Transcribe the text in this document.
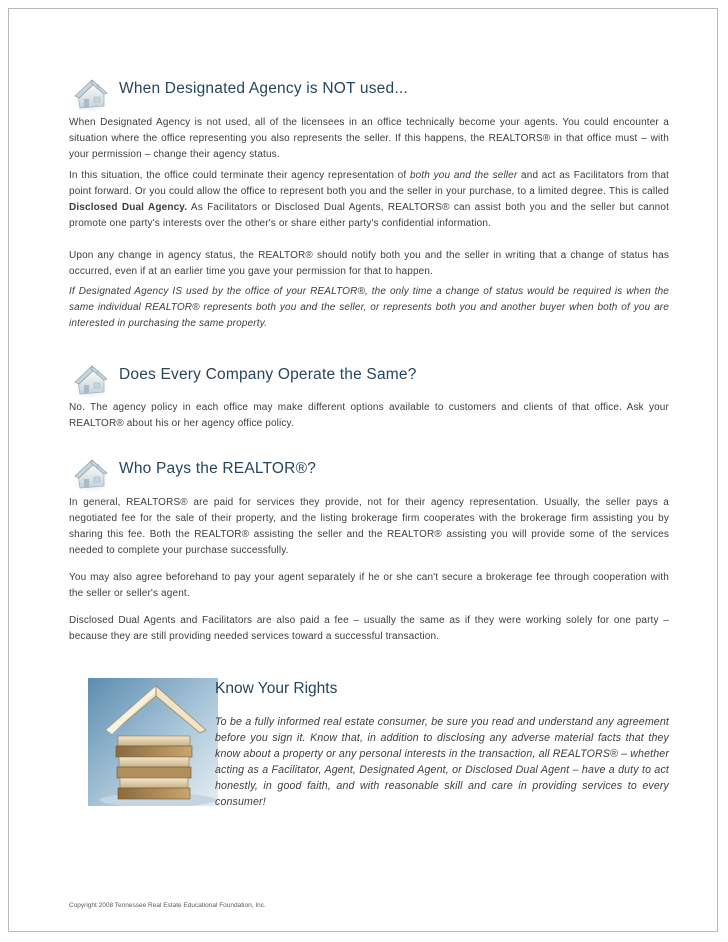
When Designated Agency is NOT used...

When Designated Agency is not used, all of the licensees in an office technically become your agents. You could encounter a situation where the office representing you also represents the seller. If this happens, the REALTORS® in that office must – with your permission – change their agency status.

In this situation, the office could terminate their agency representation of both you and the seller and act as Facilitators from that point forward. Or you could allow the office to represent both you and the seller in your purchase, to a limited degree. This is called Disclosed Dual Agency. As Facilitators or Disclosed Dual Agents, REALTORS® can assist both you and the seller but cannot promote one party's interests over the other's or share either party's confidential information.

Upon any change in agency status, the REALTOR® should notify both you and the seller in writing that a change of status has occurred, even if at an earlier time you gave your permission for that to happen.

If Designated Agency IS used by the office of your REALTOR®, the only time a change of status would be required is when the same individual REALTOR® represents both you and the seller, or represents both you and another buyer when both of you are interested in purchasing the same property.

Does Every Company Operate the Same?

No. The agency policy in each office may make different options available to customers and clients of that office. Ask your REALTOR® about his or her agency office policy.

Who Pays the REALTOR®?

In general, REALTORS® are paid for services they provide, not for their agency representation. Usually, the seller pays a negotiated fee for the sale of their property, and the listing brokerage firm cooperates with the brokerage firm assisting you by sharing this fee. Both the REALTOR® assisting the seller and the REALTOR® assisting you will provide some of the services needed to complete your purchase successfully.

You may also agree beforehand to pay your agent separately if he or she can't secure a brokerage fee through cooperation with the seller or seller's agent.

Disclosed Dual Agents and Facilitators are also paid a fee – usually the same as if they were working solely for one party – because they are still providing needed services toward a successful transaction.

Know Your Rights

To be a fully informed real estate consumer, be sure you read and understand any agreement before you sign it. Know that, in addition to disclosing any adverse material facts that they know about a property or any personal interests in the transaction, all REALTORS® – whether acting as a Facilitator, Agent, Designated Agent, or Disclosed Dual Agent – have a duty to act honestly, in good faith, and with reasonable skill and care in providing services to every consumer!

Copyright 2008 Tennessee Real Estate Educational Foundation, Inc.
